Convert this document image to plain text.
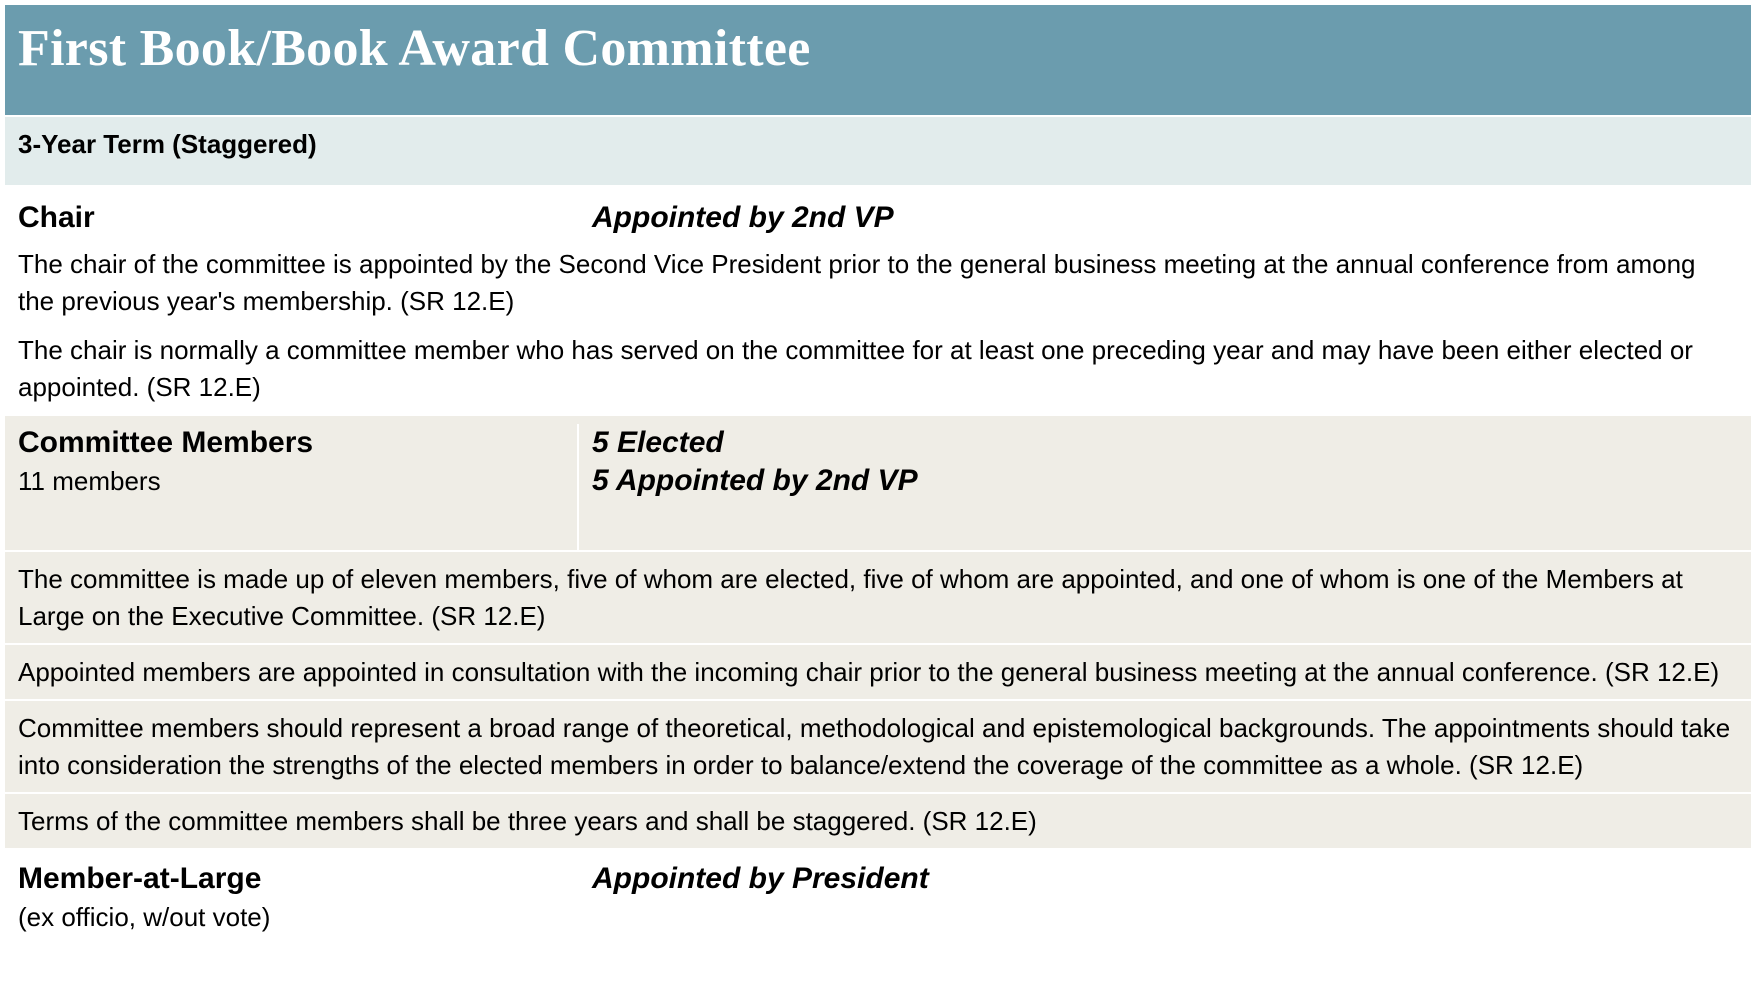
First Book/Book Award Committee
3-Year Term (Staggered)
Chair	Appointed by 2nd VP
The chair of the committee is appointed by the Second Vice President prior to the general business meeting at the annual conference from among the previous year's membership. (SR 12.E)
The chair is normally a committee member who has served on the committee for at least one preceding year and may have been either elected or appointed. (SR 12.E)
Committee Members
11 members
5 Elected
5 Appointed by 2nd VP
The committee is made up of eleven members, five of whom are elected, five of whom are appointed, and one of whom is one of the Members at Large on the Executive Committee. (SR 12.E)
Appointed members are appointed in consultation with the incoming chair prior to the general business meeting at the annual conference. (SR 12.E)
Committee members should represent a broad range of theoretical, methodological and epistemological backgrounds. The appointments should take into consideration the strengths of the elected members in order to balance/extend the coverage of the committee as a whole. (SR 12.E)
Terms of the committee members shall be three years and shall be staggered. (SR 12.E)
Member-at-Large
(ex officio, w/out vote)
Appointed by President
